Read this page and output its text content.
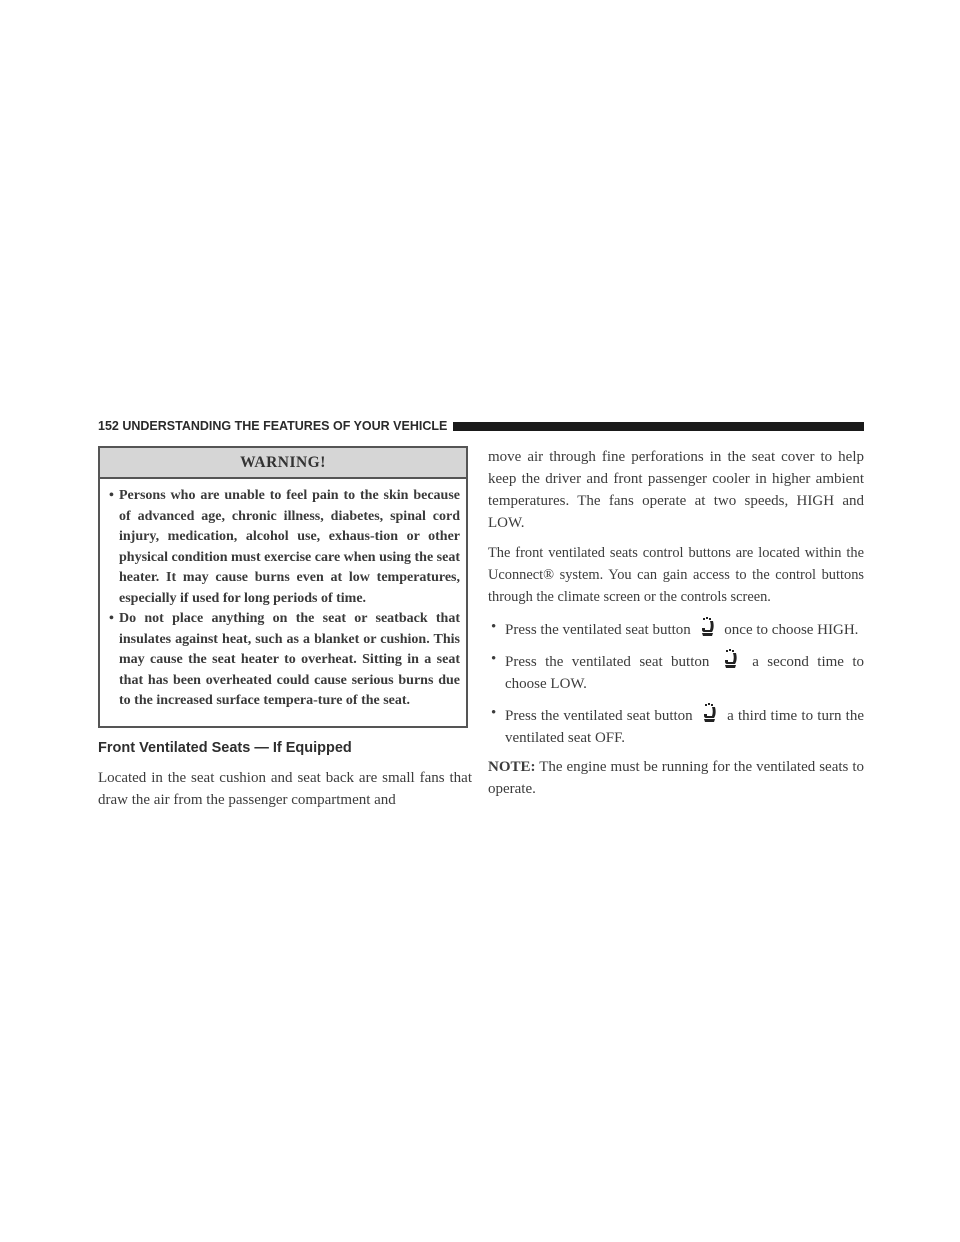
152 UNDERSTANDING THE FEATURES OF YOUR VEHICLE
WARNING!
• Persons who are unable to feel pain to the skin because of advanced age, chronic illness, diabetes, spinal cord injury, medication, alcohol use, exhaus-tion or other physical condition must exercise care when using the seat heater. It may cause burns even at low temperatures, especially if used for long periods of time.
• Do not place anything on the seat or seatback that insulates against heat, such as a blanket or cushion. This may cause the seat heater to overheat. Sitting in a seat that has been overheated could cause serious burns due to the increased surface tempera-ture of the seat.
Front Ventilated Seats — If Equipped

Located in the seat cushion and seat back are small fans that draw the air from the passenger compartment and

move air through fine perforations in the seat cover to help keep the driver and front passenger cooler in higher ambient temperatures. The fans operate at two speeds, HIGH and LOW.

The front ventilated seats control buttons are located within the Uconnect® system. You can gain access to the control buttons through the climate screen or the controls screen.

• Press the ventilated seat button once to choose HIGH.
• Press the ventilated seat button	a second time to choose LOW.
• Press the ventilated seat button a third time to turn the ventilated seat OFF.

NOTE: The engine must be running for the ventilated seats to operate.
